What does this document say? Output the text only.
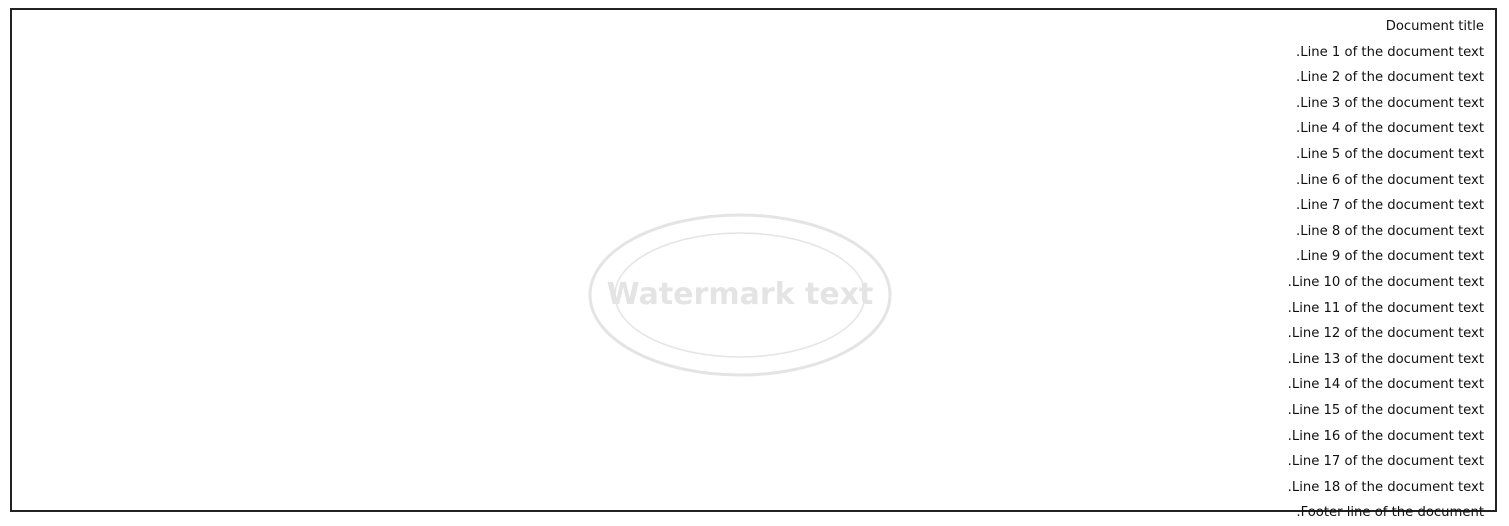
Document title
Line 1 of the document text.
Line 2 of the document text.
Line 3 of the document text.
Line 4 of the document text.
Line 5 of the document text.
Line 6 of the document text.
Line 7 of the document text.
Line 8 of the document text.
Line 9 of the document text.
Line 10 of the document text.
Line 11 of the document text.
Line 12 of the document text.
Line 13 of the document text.
Line 14 of the document text.
Line 15 of the document text.
Line 16 of the document text.
Line 17 of the document text.
Line 18 of the document text.
Footer line of the document.
Watermark text
